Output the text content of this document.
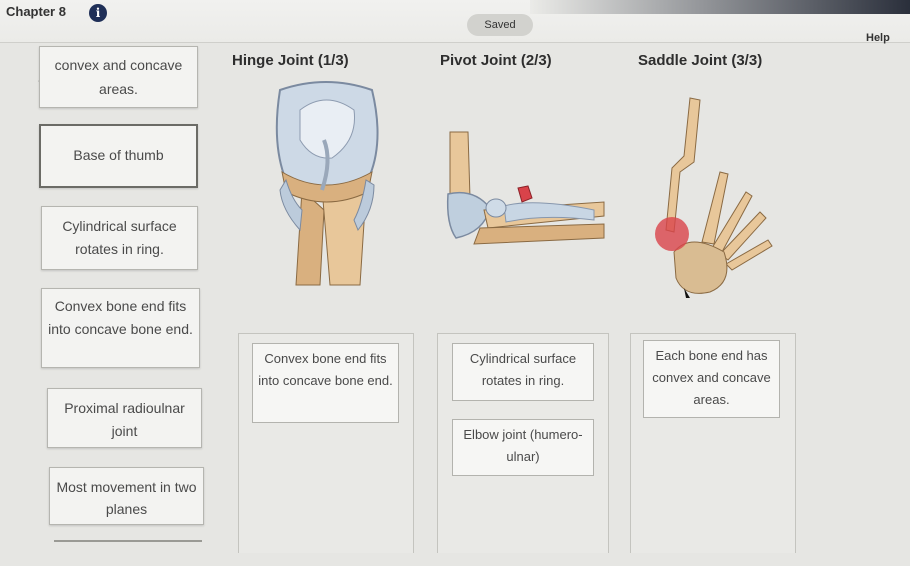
Chapter 8	i
Saved
Help
convex and concave areas.
Base of thumb
Cylindrical surface rotates in ring.
Convex bone end fits into concave bone end.
Proximal radioulnar joint
Most movement in two planes
Hinge Joint (1/3)	Pivot Joint (2/3)	Saddle Joint (3/3)
Convex bone end fits into concave bone end.
Cylindrical surface rotates in ring.
Elbow joint (humero-ulnar)
Each bone end has convex and concave areas.
